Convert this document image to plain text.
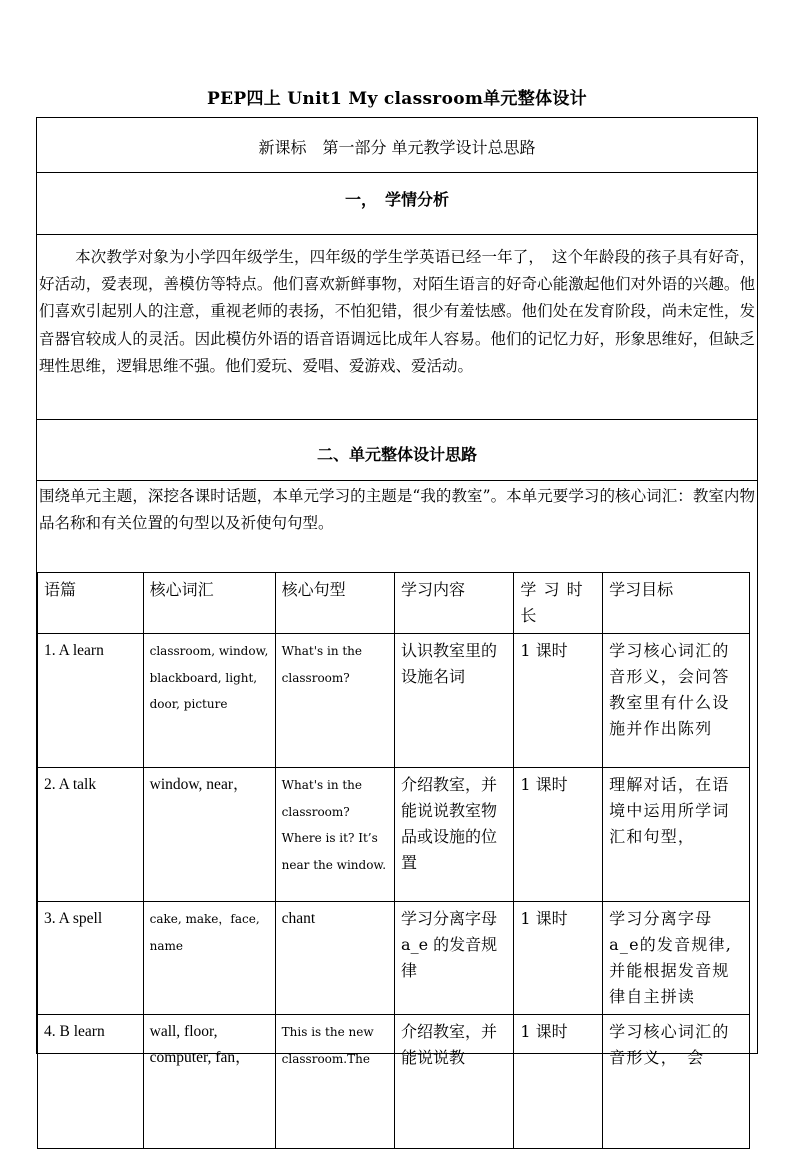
PEP四上 Unit1 My classroom单元整体设计
新课标　第一部分 单元教学设计总思路
一，　学情分析

本次教学对象为小学四年级学生，四年级的学生学英语已经一年了，　这个年龄段的孩子具有好奇，好活动，爱表现，善模仿等特点。他们喜欢新鲜事物，对陌生语言的好奇心能激起他们对外语的兴趣。他们喜欢引起别人的注意，重视老师的表扬，不怕犯错，很少有羞怯感。他们处在发育阶段，尚未定性，发音器官较成人的灵活。因此模仿外语的语音语调远比成年人容易。他们的记忆力好，形象思维好，但缺乏理性思维，逻辑思维不强。他们爱玩、爱唱、爱游戏、爱活动。

二、单元整体设计思路

围绕单元主题，深挖各课时话题，本单元学习的主题是“我的教室”。本单元要学习的核心词汇：教室内物品名称和有关位置的句型以及祈使句句型。

语篇	核心词汇	核心句型	学习内容	学 习 时 长	学习目标
1. A learn	classroom, window, blackboard, light, door, picture	What's in the classroom?	认识教室里的设施名词	1 课时	学习核心词汇的音形义，会问答教室里有什么设施并作出陈列
2. A talk	window, near，	What's in the classroom? Where is it? It’s near the window.	介绍教室，并能说说教室物品或设施的位置	1 课时	理解对话，在语境中运用所学词汇和句型，
3. A spell	cake, make，face, name	chant	学习分离字母 a_e 的发音规律	1 课时	学习分离字母 a_e的发音规律,并能根据发音规律自主拼读
4. B learn	wall, floor, computer, fan，	This is the new classroom.The	介绍教室，并能说说教	1 课时	学习核心词汇的音形义，　会
